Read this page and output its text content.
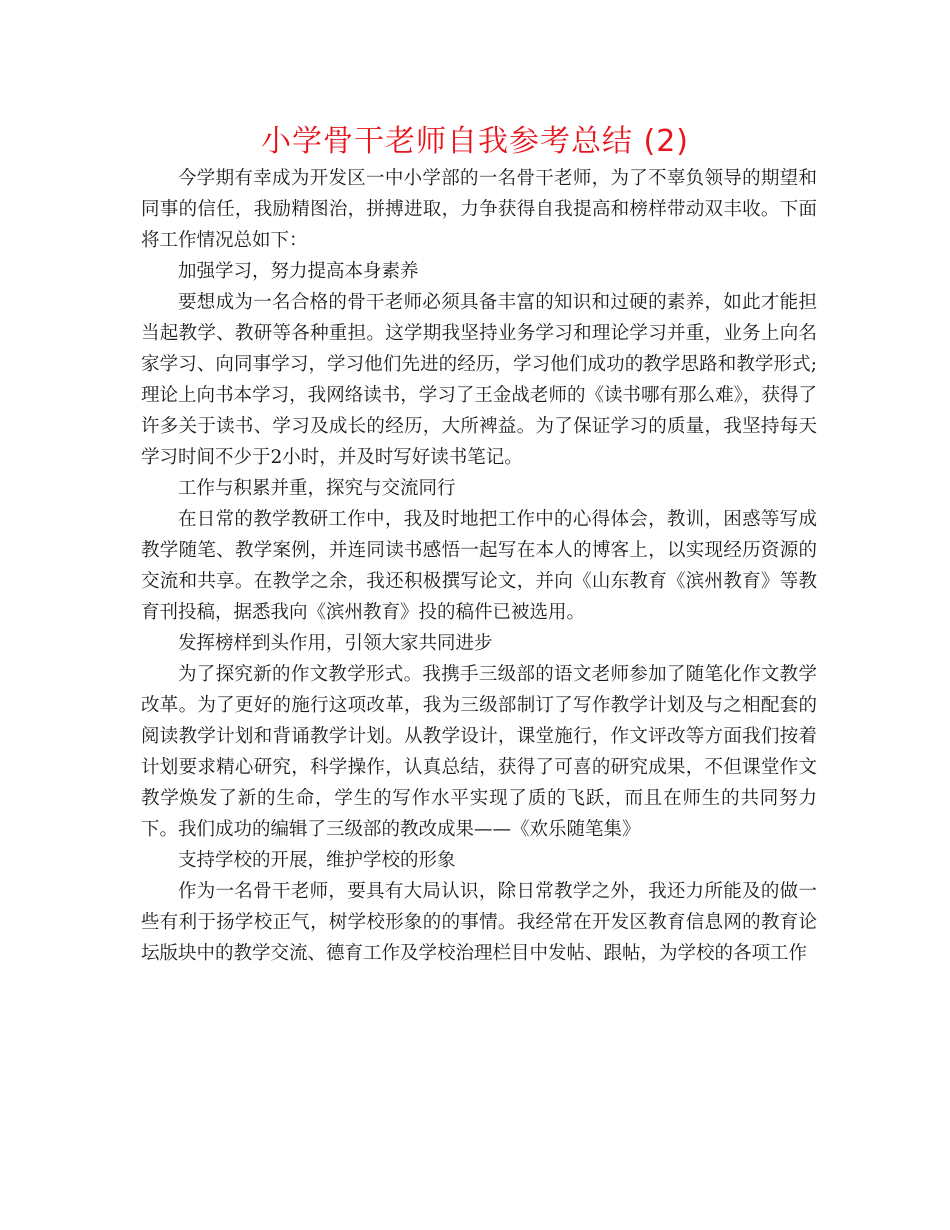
小学骨干老师自我参考总结 (2)

今学期有幸成为开发区一中小学部的一名骨干老师，为了不辜负领导的期望和同事的信任，我励精图治，拼搏进取，力争获得自我提高和榜样带动双丰收。下面将工作情况总如下：

加强学习，努力提高本身素养

要想成为一名合格的骨干老师必须具备丰富的知识和过硬的素养，如此才能担当起教学、教研等各种重担。这学期我坚持业务学习和理论学习并重，业务上向名家学习、向同事学习，学习他们先进的经历，学习他们成功的教学思路和教学形式;理论上向书本学习，我网络读书，学习了王金战老师的《读书哪有那么难》，获得了许多关于读书、学习及成长的经历，大所裨益。为了保证学习的质量，我坚持每天学习时间不少于2小时，并及时写好读书笔记。

工作与积累并重，探究与交流同行

在日常的教学教研工作中，我及时地把工作中的心得体会，教训，困惑等写成教学随笔、教学案例，并连同读书感悟一起写在本人的博客上，以实现经历资源的交流和共享。在教学之余，我还积极撰写论文，并向《山东教育《滨州教育》等教育刊投稿，据悉我向《滨州教育》投的稿件已被选用。

发挥榜样到头作用，引领大家共同进步

为了探究新的作文教学形式。我携手三级部的语文老师参加了随笔化作文教学改革。为了更好的施行这项改革，我为三级部制订了写作教学计划及与之相配套的阅读教学计划和背诵教学计划。从教学设计，课堂施行，作文评改等方面我们按着计划要求精心研究，科学操作，认真总结，获得了可喜的研究成果，不但课堂作文教学焕发了新的生命，学生的写作水平实现了质的飞跃，而且在师生的共同努力下。我们成功的编辑了三级部的教改成果——《欢乐随笔集》

支持学校的开展，维护学校的形象

作为一名骨干老师，要具有大局认识，除日常教学之外，我还力所能及的做一些有利于扬学校正气，树学校形象的的事情。我经常在开发区教育信息网的教育论坛版块中的教学交流、德育工作及学校治理栏目中发帖、跟帖，为学校的各项工作
